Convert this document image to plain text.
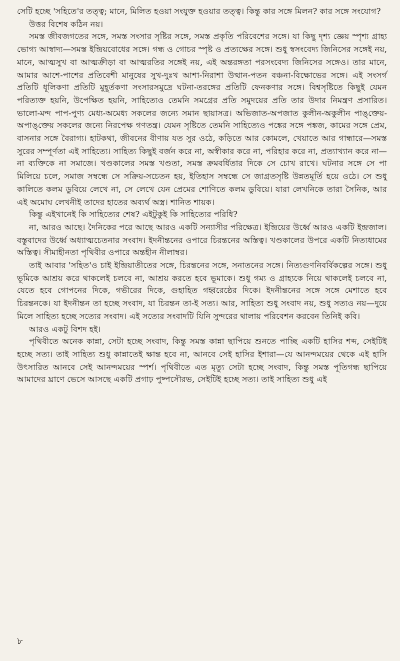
সেটি হচ্ছে 'সহিতে'র তত্ত্ব; মানে, মিলিত হওয়া সংযুক্ত হওয়ার তত্ত্ব। কিন্তু কার সঙ্গে মিলন? কার সঙ্গে সংযোগ?

উত্তর বিশেষ কঠিন নয়।

সমস্ত জীবজগতের সঙ্গে, সমস্ত সংসার সৃষ্টির সঙ্গে, সমস্ত প্রকৃতি পরিবেশের সঙ্গে। যা কিছু দৃশ্য জ্ঞেয় স্পৃশ্য গ্রাহ্য ভোগ্য আস্বাদ্য—সমস্ত ইন্দ্রিয়বোধের সঙ্গে। গন্ধ ও গোচর স্পৃষ্ট ও প্রত্যক্ষের সঙ্গে। শুধু স্বসংবেদ্য জিনিসের সঙ্গেই নয়, মানে, আত্মসুখ বা আত্মক্রীড়া বা আত্মরতির সঙ্গেই নয়, এই অন্তরঙ্গতা পরসংবেদ্য জিনিসের সঙ্গেও। তার মানে, আমার আশে-পাশের প্রতিবেশী মানুষের সুখ-দুঃখ আশা-নিরাশা উত্থান-পতন বঞ্চনা-বিক্ষোভের সঙ্গে। এই সংসর্গ প্রতিটি ধূলিকণা প্রতিটি মুহূর্তকণা সংসারসমুদ্রে ঘটনা-তরঙ্গের প্রতিটি ফেনকণার সঙ্গে। বিশ্বসৃষ্টিতে কিছুই যেমন পরিত্যক্ত হয়নি, উপেক্ষিত হয়নি, সাহিত্যেও তেমনি সমগ্রের প্রতি সমুদয়ের প্রতি তার উদার নিমন্ত্রণ প্রসারিত। ভালো-মন্দ পাপ-পুণ্য মেধ্য-অমেধ্য সকলের জন্যে সমান ছায়াসত্র। অভিজাত-অপজাত কুলীন-অকুলীন পাঙ্‌ক্তেয়-অপাঙ্‌ক্তেয় সকলের জন্যে নিরপেক্ষ গণতন্ত্র। যেমন সৃষ্টিতে তেমনি সাহিত্যেও পঙ্কের সঙ্গে পঙ্কজ, কামের সঙ্গে প্রেম, বাসনার সঙ্গে বৈরাগ্য। হাটকথা, জীবনের বীণায় যত সুর ওঠে, কড়িতে আর কোমলে, খেয়াতে আর গান্ধারে—সমস্ত সুরের সম্পূর্ণতা এই সাহিত্যে। সাহিত্য কিছুই বর্জন করে না, অস্বীকার করে না, পরিহার করে না, প্রত্যাখ্যান করে না—না ব্যক্তিকে না সমাজে। খণ্ডকালের সমস্ত খণ্ডতা, সমস্ত ক্রমবর্ধিতার দিকে সে চোখ রাখে। ঘটনার সঙ্গে সে পা মিলিয়ে চলে, সমাজ সম্বন্ধে সে সক্রিয়-সচেতন হয়, ইতিহাস সম্বন্ধে সে জাগ্রতসৃষ্টি উন্নতমূর্তি হয়ে ওঠে। সে শুধু কালিতে কলম ডুবিয়ে লেখে না, সে লেখে যেন প্রেমের শোণিতে কলম ডুবিয়ে। যারা লেখনিকে তারা সৈনিক, আর এই অমোঘ লেখনীই তাদের হাতের অব্যর্থ অস্ত্র। শানিত শায়ক।

কিন্তু এইখানেই কি সাহিত্যের শেষ? এইটুকুই কি সাহিত্যের পরিধি?

না, আরও আছে। দৈনিকের পরে আছে আরও একটি সন্যাসীর পরিক্ষেত্র। ইন্দ্রিয়ের উর্ধ্বে আরও একটি ইন্দ্রজাল। বস্তুবাদের উর্ধ্বে অধ্যাত্মচেতনার সংবাদ। ইদনীন্তনের ওপারে চিরন্তনের অস্তিত্ব। খণ্ডকালের উপরে একটি নিত্যধামের অস্তিত্ব। সীমাহীনতা পৃথিবীর ওপারে অন্তহীন নীলাম্বর।

তাই আবার 'সহিত'ও চাই ইন্দ্রিয়াতীতের সঙ্গে, চিরন্তনের সঙ্গে, সনাতনের সঙ্গে। নিত্যগুণনিবর্বিকল্পের সঙ্গে। শুধু ভূমিকে আশ্রয় করে থাকলেই চলবে না, আশ্রয় করতে হবে ভূমাকে। শুধু গম্য ও গ্রাহ্যকে নিয়ে থাকলেই চলবে না, যেতে হবে গোপনের দিকে, গভীরের দিকে, গুহাহিত গহ্বরেষ্ঠের দিকে। ইদনীন্তনের সঙ্গে সঙ্গে মেশাতে হবে চিরন্তনকে। যা ইদনীন্তন তা হচ্ছে সংবাদ, যা চিরন্তন তা-ই সত্য। আর, সাহিত্য শুধু সংবাদ নয়, শুধু সত্যও নয়—দুয়ে মিলে সাহিত্য হচ্ছে সত্যের সংবাদ। এই সত্যের সংবাদটি যিনি সুন্দরের থালায় পরিবেশন করবেন তিনিই কবি।

আরও একটু বিশদ হই।

পৃথিবীতে অনেক কান্না, সেটা হচ্ছে সংবাদ, কিন্তু সমস্ত কান্না ছাপিয়ে শুনতে পাচ্ছি একটি হাসির শব্দ, সেইটিই হচ্ছে সত্য। তাই সাহিত্য শুধু কান্নাতেই ক্ষান্ত হবে না, আনবে সেই হাসির ইশারা—যে আনন্দময়ের থেকে এই হাসি উৎসারিত আনবে সেই আনন্দময়ের স্পর্শ। পৃথিবীতে এত মৃত্যু সেটা হচ্ছে সংবাদ, কিন্তু সমস্ত পূতিগন্ধ ছাপিয়ে আমাদের ঘ্রাণে ভেসে আসছে একটি প্রগাঢ় পুষ্পসৌরভ, সেইটিই হচ্ছে সত্য। তাই সাহিত্য শুধু এই

৮
